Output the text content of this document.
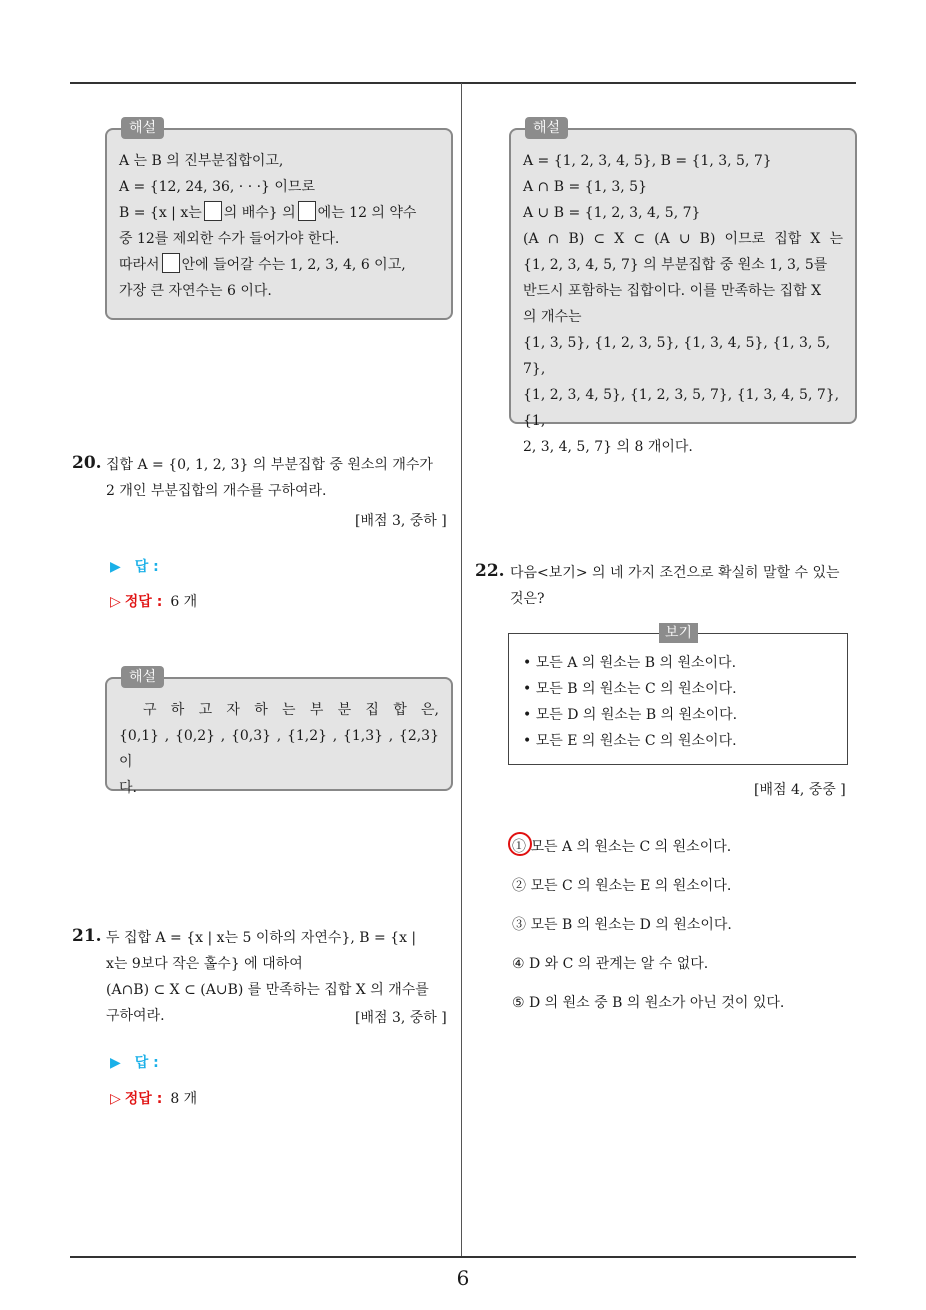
해설

A 는 B 의 진부분집합이고,

A = {12, 24, 36, · · ·} 이므로

B = {x | x는 의 배수} 의 에는 12 의 약수

중 12를 제외한 수가 들어가야 한다.

따라서 안에 들어갈 수는 1, 2, 3, 4, 6 이고,

가장 큰 자연수는 6 이다.

20. 집합 A = {0, 1, 2, 3} 의 부분집합 중 원소의 개수가
2 개인 부분집합의 개수를 구하여라.
[배점 3, 중하 ]
▶ 답 :
▷ 정답 : 6 개
해설

구 하 고 자 하 는 부 분 집 합 은,

{0,1} , {0,2} , {0,3} , {1,2} , {1,3} , {2,3} 이

다.

21. 두 집합 A = {x | x는 5 이하의 자연수}, B = {x |
x는 9보다 작은 홀수} 에 대하여
(A∩B) ⊂ X ⊂ (A∪B) 를 만족하는 집합 X 의 개수를
구하여라.	[배점 3, 중하 ]
▶ 답 :
▷ 정답 : 8 개
해설

A = {1, 2, 3, 4, 5}, B = {1, 3, 5, 7}

A ∩ B = {1, 3, 5}

A ∪ B = {1, 2, 3, 4, 5, 7}

(A ∩ B) ⊂ X ⊂ (A ∪ B) 이므로 집합 X 는

{1, 2, 3, 4, 5, 7} 의 부분집합 중 원소 1, 3, 5를

반드시 포함하는 집합이다. 이를 만족하는 집합 X

의 개수는

{1, 3, 5}, {1, 2, 3, 5}, {1, 3, 4, 5}, {1, 3, 5, 7},

{1, 2, 3, 4, 5}, {1, 2, 3, 5, 7}, {1, 3, 4, 5, 7}, {1,

2, 3, 4, 5, 7} 의 8 개이다.

22. 다음<보기> 의 네 가지 조건으로 확실히 말할 수 있는
것은?
보기

• 모든 A 의 원소는 B 의 원소이다.

• 모든 B 의 원소는 C 의 원소이다.

• 모든 D 의 원소는 B 의 원소이다.

• 모든 E 의 원소는 C 의 원소이다.

[배점 4, 중중 ]
① 모든 A 의 원소는 C 의 원소이다.
② 모든 C 의 원소는 E 의 원소이다.
③ 모든 B 의 원소는 D 의 원소이다.
④ D 와 C 의 관계는 알 수 없다.
⑤ D 의 원소 중 B 의 원소가 아닌 것이 있다.
6
